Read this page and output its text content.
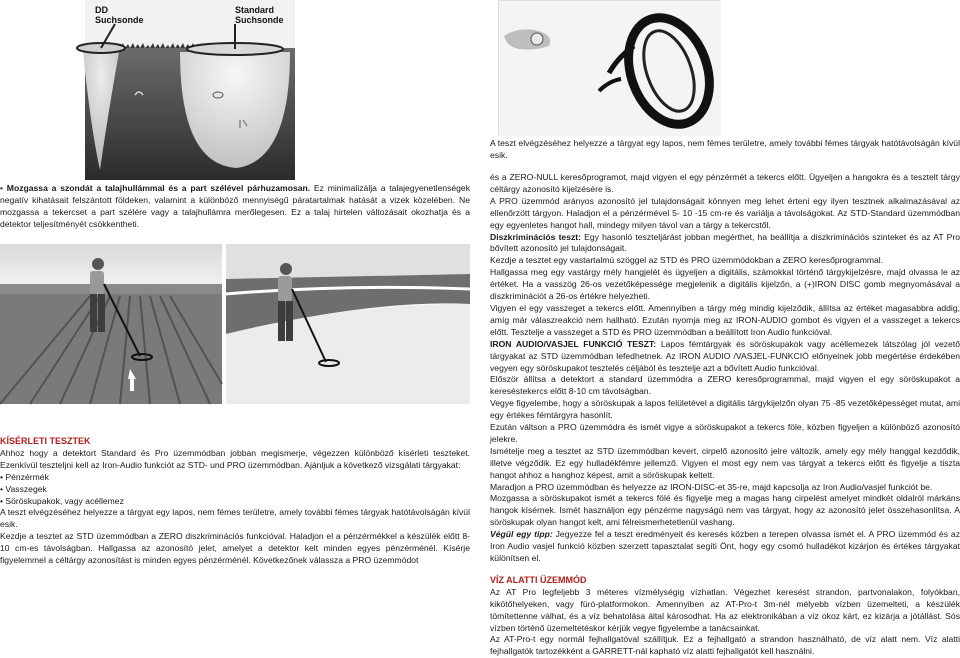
DD
Suchsonde
Standard
Suchsonde
• Mozgassa a szondát a talajhullámmal és a part szélével párhuzamosan. Ez minimalizálja a talajegyenetlenségek negatív kihatásait felszántott földeken, valamint a különböző mennyiségű páratartalmak hatását a vizek közelében. Ne mozgassa a tekercset a part szélére vagy a talajhullámra merőlegesen. Ez a talaj hirtelen változásait okozhatja és a detektor teljesítményét csökkentheti.
KÍSÉRLETI TESZTEK
Ahhoz hogy a detektort Standard és Pro üzemmódban jobban megismerje, végezzen különböző kísérleti teszteket. Ezenkívül teszteljni kell az Iron-Audio funkciót az STD- und PRO üzemmódban. Ajánljuk a következő vizsgálati tárgyakat:
• Pénzérmék
• Vasszegek
• Söröskupakok, vagy acéllemez
A teszt elvégzéséhez helyezze a tárgyat egy lapos, nem fémes területre, amely további fémes tárgyak hatótávolságán kívül esik.
Kezdje a tesztet az STD üzemmódban a ZERO diszkriminációs funkcióval. Haladjon el a pénzérmékkel a készülék előtt 8-10 cm-es távolságban. Hallgassa az azonosító jelet, amelyet a detektor kelt minden egyes pénzérménél. Kísérje figyelemmel a céltárgy azonosítást is minden egyes pénzérménél. Következőnek válassza a PRO üzemmódot
A teszt elvégzéséhez helyezze a tárgyat egy lapos, nem fémes területre, amely további fémes tárgyak hatótávolságán kívül esik.
és a ZERO-NULL keresőprogramot, majd vigyen el egy pénzérmét a tekercs előtt. Ügyeljen a hangokra és a tesztelt tárgy céltárgy azonosító kijelzésére is.
A PRO üzemmód arányos azonosító jel tulajdonságait könnyen meg lehet érteni egy ilyen tesztnek alkalmazásával az ellenőrzött tárgyon. Haladjon el a pénzérmével 5- 10 -15 cm-re és variálja a távolságokat. Az STD-Standard üzemmódban egy egyenletes hangot hall, mindegy milyen távol van a tárgy a tekercstől.
Diszkriminációs teszt: Egy hasonló teszteljárást jobban megérthet, ha beállítja a diszkriminációs szinteket és az AT Pro bővített azonosító jel tulajdonságait.
Kezdje a tesztet egy vastartalmú szöggel az STD és PRO üzemmódokban a ZERO keresőprogrammal.
Hallgassa meg egy vastárgy mély hangjelét és ügyeljen a digitális, számokkal történő tárgykijelzésre, majd olvassa le az értéket. Ha a vasszög 26-os vezetőképessége megjelenik a digitális kijelzőn, a (+)IRON DISC gomb megnyomásával a diszkriminációt a 26-os értékre helyezheti.
Vigyen el egy vasszeget a tekercs előtt. Amennyiben a tárgy még mindig kijelződik, állítsa az értéket magasabbra addig, amíg már válaszreakció nem hallható. Ezután nyomja meg az IRON-AUDIO gombot és vigyen el a vasszeget a tekercs előtt. Tesztelje a vasszeget a STD és PRO üzemmódban a beállított Iron Audio funkcióval.
IRON AUDIO/VASJEL FUNKCIÓ TESZT: Lapos fémtárgyak és söröskupakok vagy acéllemezek látszólag jól vezető tárgyakat az STD üzemmódban lefedhetnek. Az IRON AUDIO /VASJEL-FUNKCIÓ előnyeinek jobb megértése érdekében vegyen egy söröskupakot tesztelés céljából és tesztelje azt a bővített Audio funkcióval.
Először állítsa a detektort a standard üzemmódra a ZERO keresőprogrammal, majd vigyen el egy söröskupakot a kereséstekercs előtt 8-10 cm távolságban.
Vegye figyelembe, hogy a söröskupak a lapos felületével a digitális tárgykijelzőn olyan 75 -85 vezetőképességet mutat, ami egy értékes fémtárgyra hasonlít.
Ezután váltson a PRO üzemmódra és ismét vigye a söröskupakot a tekercs föle, közben figyeljen a különböző azonosító jelekre.
Ismételje meg a tesztet az STD üzemmódban kevert, cirpelő azonosító jelre változik, amely egy mély hanggal kezdődik, illetve végződik. Ez egy hulladékfémre jellemző. Vigyen el most egy nem vas tárgyat a tekercs előtt és figyelje a tiszta hangot ahhoz a hanghoz képest, amit a söröskupak keltett.
Maradjon a PRO üzemmódban és helyezze az IRON-DISC-et 35-re, majd kapcsolja az Iron Audio/vasjel funkciót be.
Mozgassa a söröskupakot ismét a tekercs fölé és figyelje meg a magas hang cirpelést amelyet mindkét oldalról márkáns hangok kísérnek. Ismét használjon egy pénzérme nagyságú nem vas tárgyat, hogy az azonosító jelet összehasonlítsa. A söröskupak olyan hangot kelt, ami félreismerhetetlenül vashang.
Végül egy tipp: Jegyezze fel a teszt eredményeit és keresés közben a terepen olvassa ismét el. A PRO üzemmód és az Iron Audio vasjel funkció közben szerzett tapasztalat segíti Önt, hogy egy csomó hulladékot kizárjon és értékes tárgyakat különítsen el.
VÍZ ALATTI ÜZEMMÓD
Az AT Pro legfeljebb 3 méteres vízmélységig vízhatlan. Végezhet keresést strandon, partvonalakon, folyókban, kikötőhelyeken, vagy füró-platformokon. Amennyiben az AT-Pro-t 3m-nél mélyebb vízben üzemelteti, a készülék tömítettenne válhat, és a víz behatolása által károsodhat. Ha az elektronikában a víz okoz kárt, ez kizárja a jótállást. Sós vízben történő üzemeltetéskor kérjük vegye figyelembe a tanácsainkat.
Az AT-Pro-t egy normál fejhallgatóval szállítjuk. Ez a fejhallgató a strandon használható, de víz alatt nem. Víz alatti fejhallgatók tartozékként a GARRETT-nál kapható víz alatti fejhallgatót kell használni.
